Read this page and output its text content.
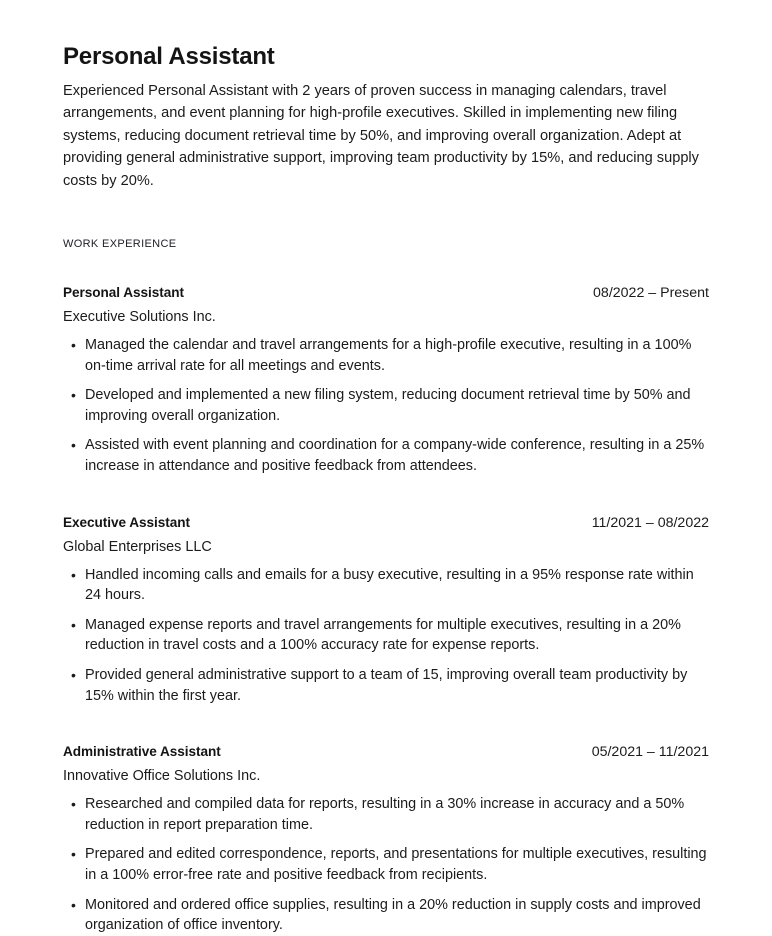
Personal Assistant

Experienced Personal Assistant with 2 years of proven success in managing calendars, travel arrangements, and event planning for high-profile executives. Skilled in implementing new filing systems, reducing document retrieval time by 50%, and improving overall organization. Adept at providing general administrative support, improving team productivity by 15%, and reducing supply costs by 20%.

WORK EXPERIENCE
Personal Assistant	08/2022 – Present
Executive Solutions Inc.
• Managed the calendar and travel arrangements for a high-profile executive, resulting in a 100% on-time arrival rate for all meetings and events.
• Developed and implemented a new filing system, reducing document retrieval time by 50% and improving overall organization.
• Assisted with event planning and coordination for a company-wide conference, resulting in a 25% increase in attendance and positive feedback from attendees.
Executive Assistant	11/2021 – 08/2022
Global Enterprises LLC
• Handled incoming calls and emails for a busy executive, resulting in a 95% response rate within 24 hours.
• Managed expense reports and travel arrangements for multiple executives, resulting in a 20% reduction in travel costs and a 100% accuracy rate for expense reports.
• Provided general administrative support to a team of 15, improving overall team productivity by 15% within the first year.
Administrative Assistant	05/2021 – 11/2021
Innovative Office Solutions Inc.
• Researched and compiled data for reports, resulting in a 30% increase in accuracy and a 50% reduction in report preparation time.
• Prepared and edited correspondence, reports, and presentations for multiple executives, resulting in a 100% error-free rate and positive feedback from recipients.
• Monitored and ordered office supplies, resulting in a 20% reduction in supply costs and improved organization of office inventory.
